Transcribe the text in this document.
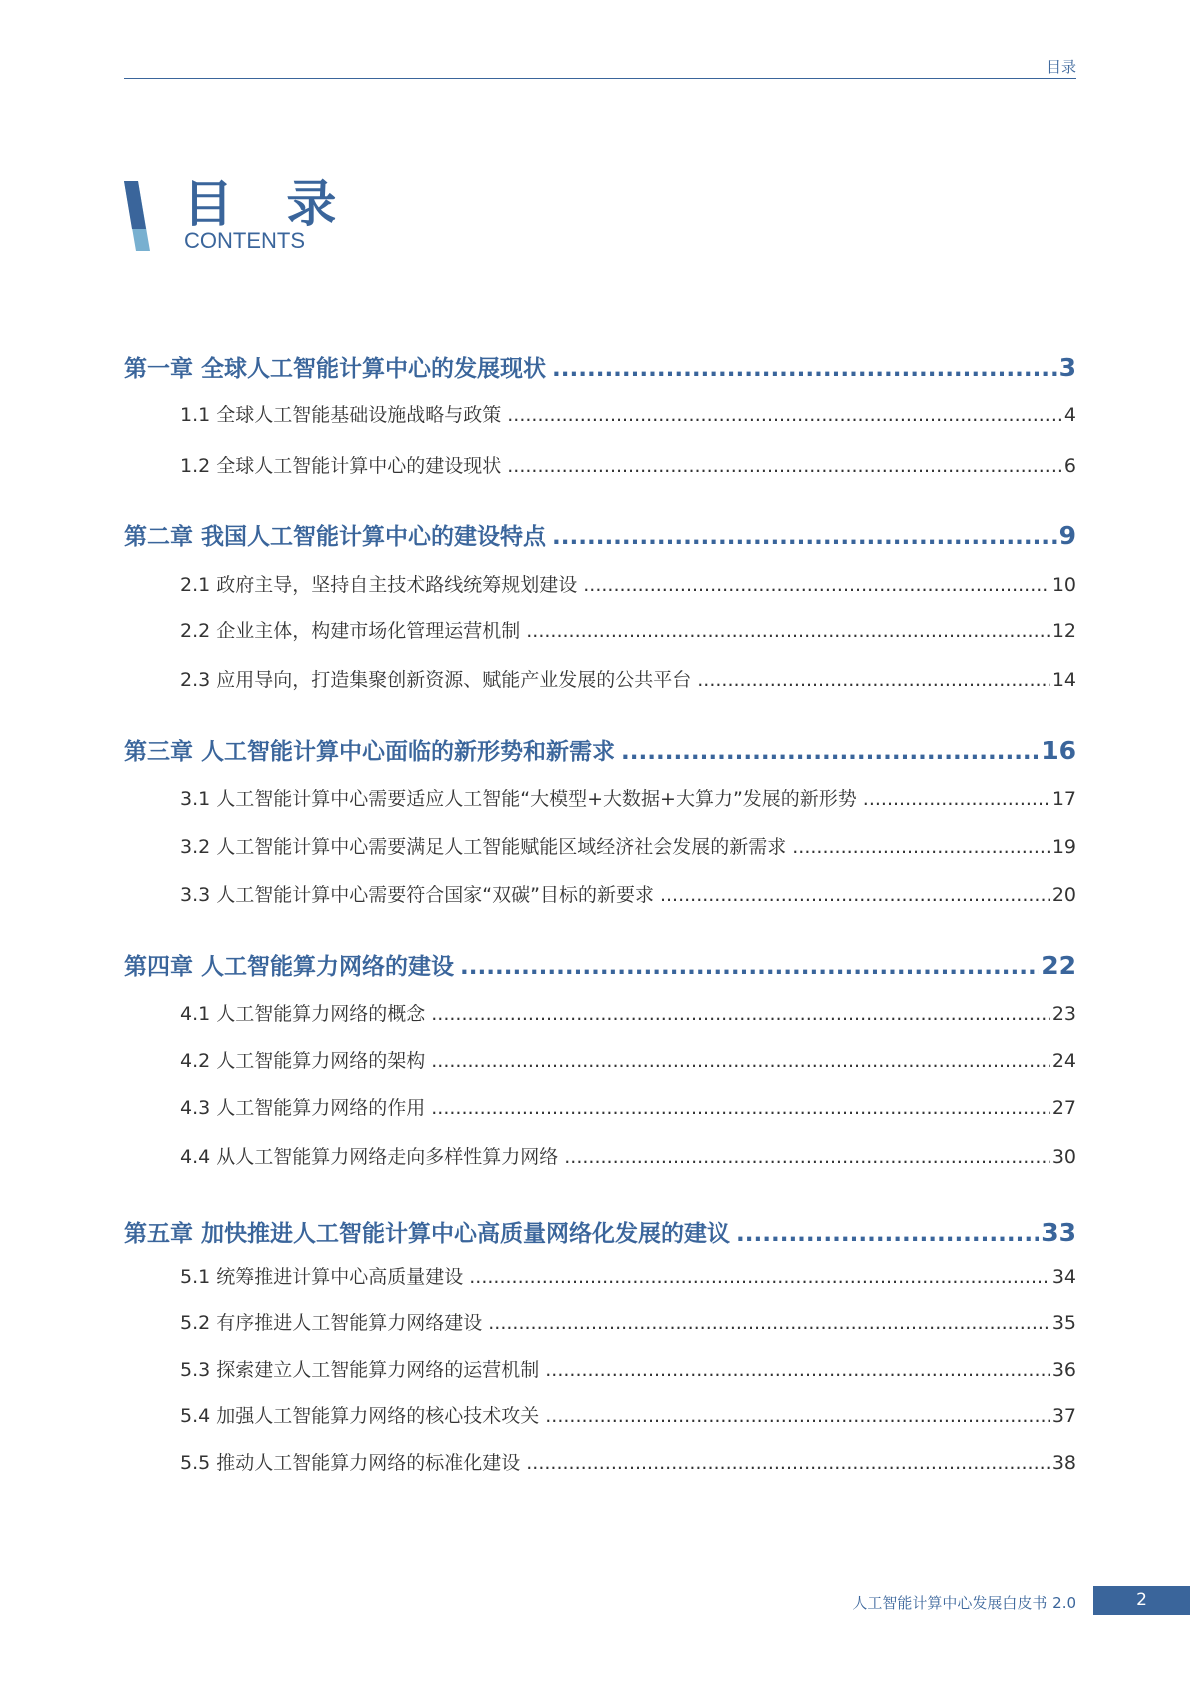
目录
目 录
CONTENTS
第一章 全球人工智能计算中心的发展现状 .....	3
1.1 全球人工智能基础设施战略与政策 .....	4
1.2 全球人工智能计算中心的建设现状 .....	6
第二章 我国人工智能计算中心的建设特点 .....	9
2.1 政府主导，坚持自主技术路线统筹规划建设 .....	10
2.2 企业主体，构建市场化管理运营机制 .....	12
2.3 应用导向，打造集聚创新资源、赋能产业发展的公共平台 .....	14
第三章 人工智能计算中心面临的新形势和新需求 .....	16
3.1 人工智能计算中心需要适应人工智能“大模型+大数据+大算力”发展的新形势 .....	17
3.2 人工智能计算中心需要满足人工智能赋能区域经济社会发展的新需求 .....	19
3.3 人工智能计算中心需要符合国家“双碳”目标的新要求 .....	20
第四章 人工智能算力网络的建设 .....	22
4.1 人工智能算力网络的概念 .....	23
4.2 人工智能算力网络的架构 .....	24
4.3 人工智能算力网络的作用 .....	27
4.4 从人工智能算力网络走向多样性算力网络 .....	30
第五章 加快推进人工智能计算中心高质量网络化发展的建议 .....	33
5.1 统筹推进计算中心高质量建设 .....	34
5.2 有序推进人工智能算力网络建设 .....	35
5.3 探索建立人工智能算力网络的运营机制 .....	36
5.4 加强人工智能算力网络的核心技术攻关 .....	37
5.5 推动人工智能算力网络的标准化建设 .....	38
人工智能计算中心发展白皮书 2.0	2
